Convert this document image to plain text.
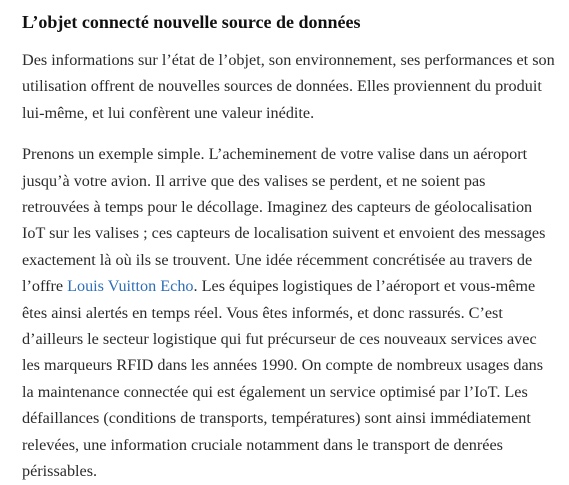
L’objet connecté nouvelle source de données

Des informations sur l’état de l’objet, son environnement, ses performances et son utilisation offrent de nouvelles sources de données. Elles proviennent du produit lui-même, et lui confèrent une valeur inédite.

Prenons un exemple simple. L’acheminement de votre valise dans un aéroport jusqu’à votre avion. Il arrive que des valises se perdent, et ne soient pas retrouvées à temps pour le décollage. Imaginez des capteurs de géolocalisation IoT sur les valises ; ces capteurs de localisation suivent et envoient des messages exactement là où ils se trouvent. Une idée récemment concrétisée au travers de l’offre Louis Vuitton Echo. Les équipes logistiques de l’aéroport et vous-même êtes ainsi alertés en temps réel. Vous êtes informés, et donc rassurés. C’est d’ailleurs le secteur logistique qui fut précurseur de ces nouveaux services avec les marqueurs RFID dans les années 1990. On compte de nombreux usages dans la maintenance connectée qui est également un service optimisé par l’IoT. Les défaillances (conditions de transports, températures) sont ainsi immédiatement relevées, une information cruciale notamment dans le transport de denrées périssables.
